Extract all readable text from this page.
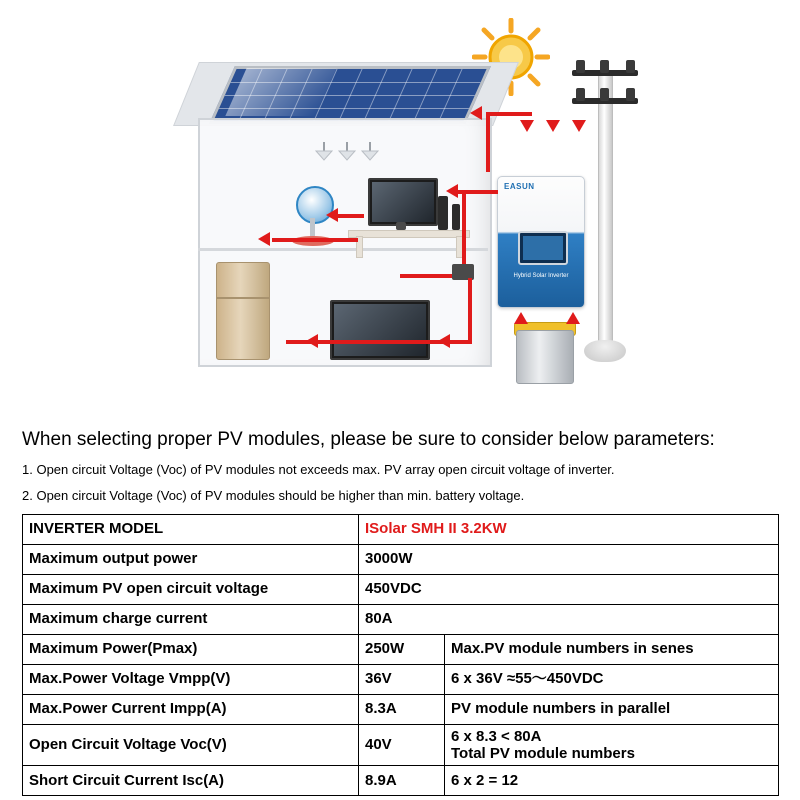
EASUN
Hybrid Solar Inverter
When selecting proper PV modules, please be sure to consider below parameters:
1. Open circuit Voltage (Voc) of PV modules not exceeds max. PV array open circuit voltage of inverter.
2. Open circuit Voltage (Voc) of PV modules should be higher than min. battery voltage.
INVERTER MODEL	ISolar SMH II 3.2KW	
Maximum output power	3000W	
Maximum PV open circuit voltage	450VDC	
Maximum charge current	80A	
Maximum Power(Pmax)	250W	Max.PV module numbers in senes
Max.Power Voltage Vmpp(V)	36V	6 x 36V ≈55～450VDC
Max.Power Current Impp(A)	8.3A	PV module numbers in parallel
Open Circuit Voltage Voc(V)	40V	6 x 8.3 < 80A
Total PV module numbers

Short Circuit Current Isc(A)	8.9A	6 x 2 = 12
